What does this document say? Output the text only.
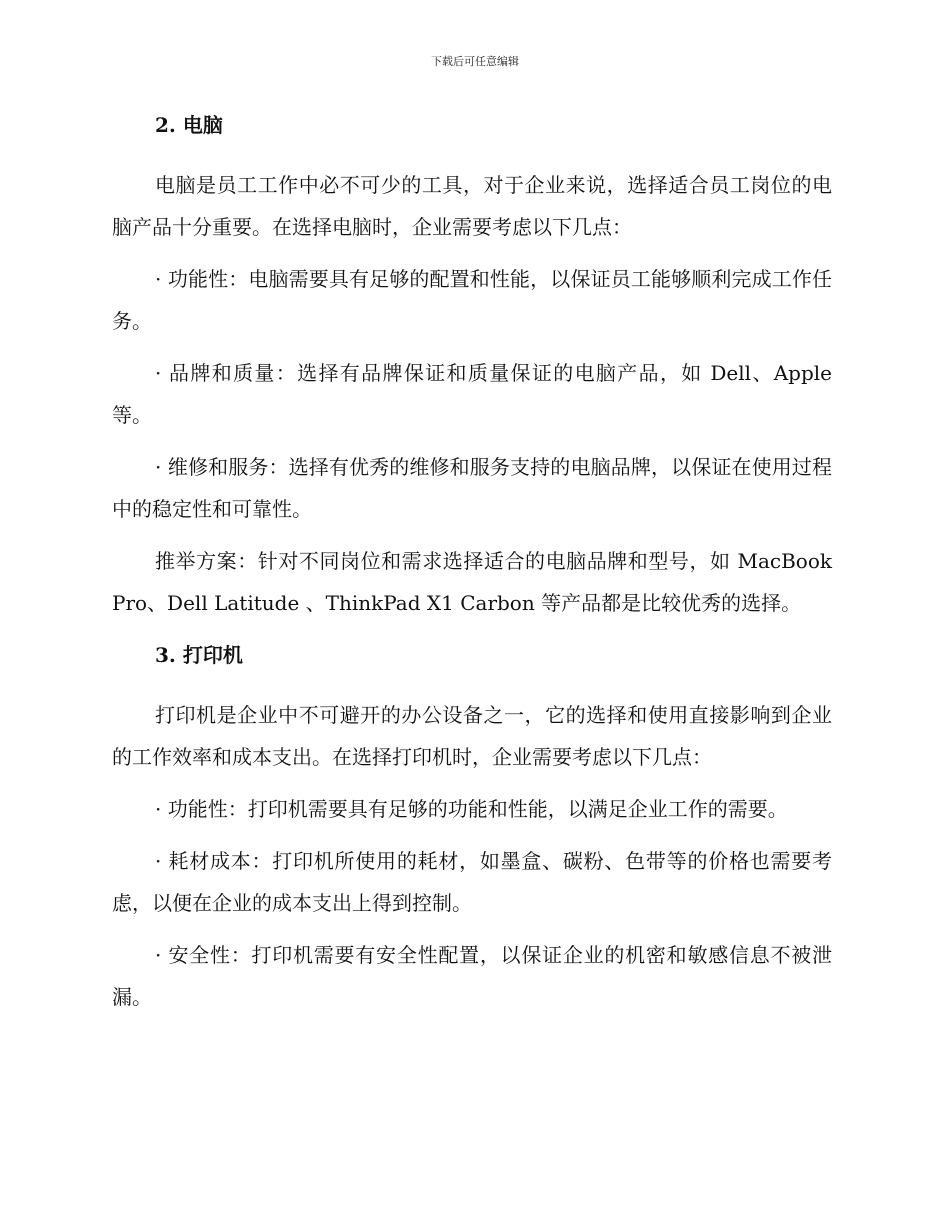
下载后可任意编辑
2. 电脑

电脑是员工工作中必不可少的工具，对于企业来说，选择适合员工岗位的电脑产品十分重要。在选择电脑时，企业需要考虑以下几点：

· 功能性：电脑需要具有足够的配置和性能，以保证员工能够顺利完成工作任务。

· 品牌和质量：选择有品牌保证和质量保证的电脑产品，如 Dell、Apple 等。

· 维修和服务：选择有优秀的维修和服务支持的电脑品牌，以保证在使用过程中的稳定性和可靠性。

推举方案：针对不同岗位和需求选择适合的电脑品牌和型号，如 MacBook Pro、Dell Latitude 、ThinkPad X1 Carbon 等产品都是比较优秀的选择。

3. 打印机

打印机是企业中不可避开的办公设备之一，它的选择和使用直接影响到企业的工作效率和成本支出。在选择打印机时，企业需要考虑以下几点：

· 功能性：打印机需要具有足够的功能和性能，以满足企业工作的需要。

· 耗材成本：打印机所使用的耗材，如墨盒、碳粉、色带等的价格也需要考虑，以便在企业的成本支出上得到控制。

· 安全性：打印机需要有安全性配置，以保证企业的机密和敏感信息不被泄漏。
